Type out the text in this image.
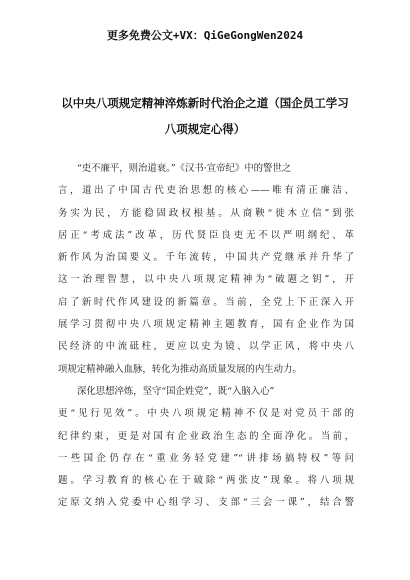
更多免费公文+VX：QiGeGongWen2024
以中央八项规定精神淬炼新时代治企之道（国企员工学习
八项规定心得）
“吏不廉平，则治道衰。”《汉书·宣帝纪》中的警世之
言，道出了中国古代吏治思想的核心——唯有清正廉洁、
务实为民，方能稳固政权根基。从商鞅“徙木立信”到张
居正“考成法”改革，历代贤臣良吏无不以严明纲纪、革
新作风为治国要义。千年流转，中国共产党继承并升华了
这一治理智慧，以中央八项规定精神为“破题之钥”，开
启了新时代作风建设的新篇章。当前，全党上下正深入开
展学习贯彻中央八项规定精神主题教育，国有企业作为国
民经济的中流砥柱，更应以史为镜、以学正风，将中央八
项规定精神融入血脉，转化为推动高质量发展的内生动力。
深化思想淬炼，坚守“国企姓党”，既“入脑入心”
更“见行见效”。中央八项规定精神不仅是对党员干部的
纪律约束，更是对国有企业政治生态的全面净化。当前，
一些国企仍存在“重业务轻党建”“讲排场搞特权”等问
题。学习教育的核心在于破除“两张皮”现象。将八项规
定原文纳入党委中心组学习、支部“三会一课”，结合警
